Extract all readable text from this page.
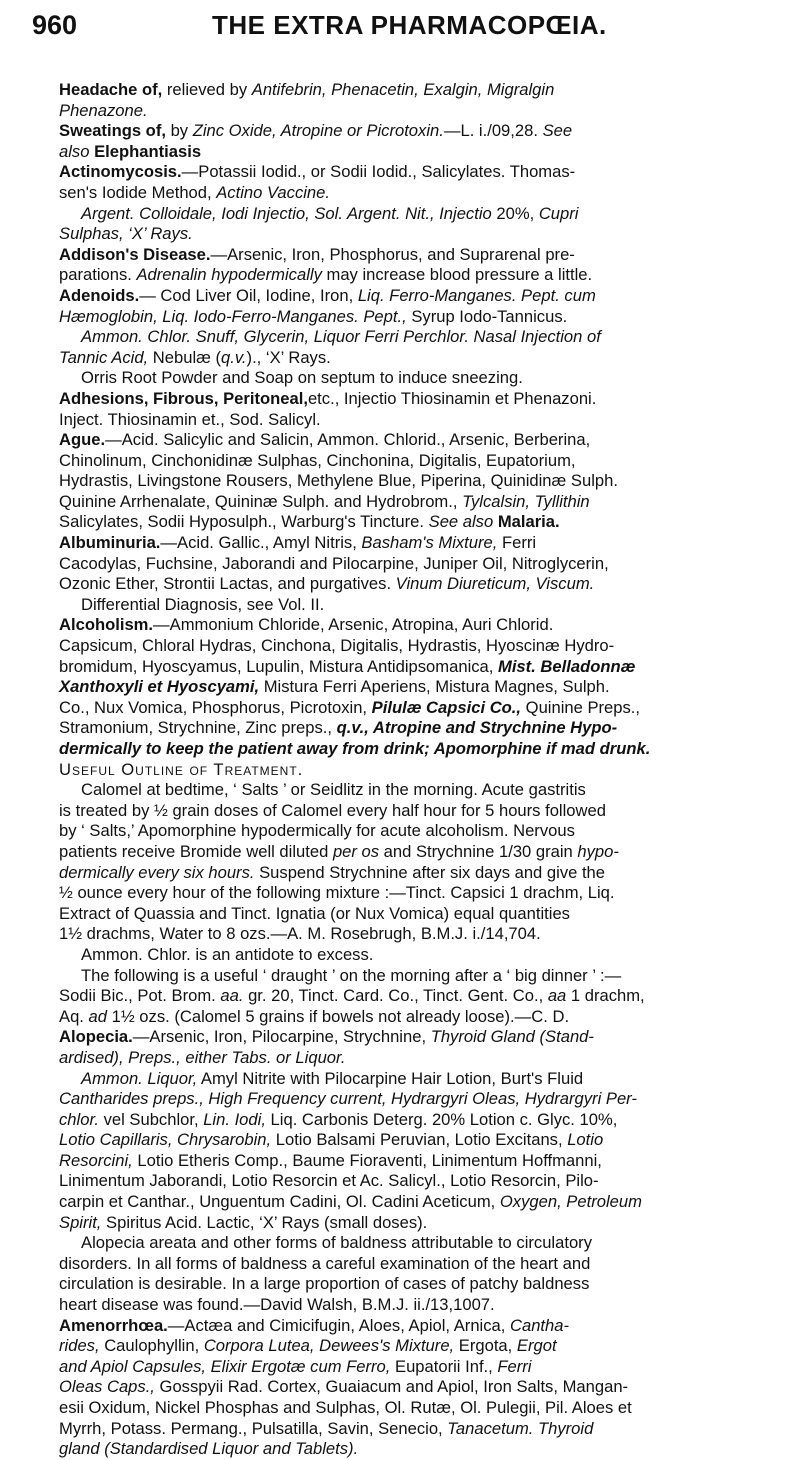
960	THE EXTRA PHARMACOPŒIA.

Headache of, relieved by Antifebrin, Phenacetin, Exalgin, Migralgin

Phenazone.

Sweatings of, by Zinc Oxide, Atropine or Picrotoxin.—L. i./09,28. See

also Elephantiasis

Actinomycosis.—Potassii Iodid., or Sodii Iodid., Salicylates. Thomas-

sen's Iodide Method, Actino Vaccine.

Argent. Colloidale, Iodi Injectio, Sol. Argent. Nit., Injectio 20%, Cupri

Sulphas, ‘X’ Rays.

Addison's Disease.—Arsenic, Iron, Phosphorus, and Suprarenal pre-

parations. Adrenalin hypodermically may increase blood pressure a little.

Adenoids.— Cod Liver Oil, Iodine, Iron, Liq. Ferro-Manganes. Pept. cum

Hæmoglobin, Liq. Iodo-Ferro-Manganes. Pept., Syrup Iodo-Tannicus.

Ammon. Chlor. Snuff, Glycerin, Liquor Ferri Perchlor. Nasal Injection of

Tannic Acid, Nebulæ (q.v.)., ‘X’ Rays.

Orris Root Powder and Soap on septum to induce sneezing.

Adhesions, Fibrous, Peritoneal,etc., Injectio Thiosinamin et Phenazoni.

Inject. Thiosinamin et., Sod. Salicyl.

Ague.—Acid. Salicylic and Salicin, Ammon. Chlorid., Arsenic, Berberina,

Chinolinum, Cinchonidinæ Sulphas, Cinchonina, Digitalis, Eupatorium,

Hydrastis, Livingstone Rousers, Methylene Blue, Piperina, Quinidinæ Sulph.

Quinine Arrhenalate, Quininæ Sulph. and Hydrobrom., Tylcalsin, Tyllithin

Salicylates, Sodii Hyposulph., Warburg's Tincture. See also Malaria.

Albuminuria.—Acid. Gallic., Amyl Nitris, Basham's Mixture, Ferri

Cacodylas, Fuchsine, Jaborandi and Pilocarpine, Juniper Oil, Nitroglycerin,

Ozonic Ether, Strontii Lactas, and purgatives. Vinum Diureticum, Viscum.

Differential Diagnosis, see Vol. II.

Alcoholism.—Ammonium Chloride, Arsenic, Atropina, Auri Chlorid.

Capsicum, Chloral Hydras, Cinchona, Digitalis, Hydrastis, Hyoscinæ Hydro-

bromidum, Hyoscyamus, Lupulin, Mistura Antidipsomanica, Mist. Belladonnæ

Xanthoxyli et Hyoscyami, Mistura Ferri Aperiens, Mistura Magnes, Sulph.

Co., Nux Vomica, Phosphorus, Picrotoxin, Pilulæ Capsici Co., Quinine Preps.,

Stramonium, Strychnine, Zinc preps., q.v., Atropine and Strychnine Hypo-

dermically to keep the patient away from drink; Apomorphine if mad drunk.

Useful Outline of Treatment.

Calomel at bedtime, ‘ Salts ’ or Seidlitz in the morning. Acute gastritis

is treated by ½ grain doses of Calomel every half hour for 5 hours followed

by ‘ Salts,’ Apomorphine hypodermically for acute alcoholism. Nervous

patients receive Bromide well diluted per os and Strychnine 1/30 grain hypo-

dermically every six hours. Suspend Strychnine after six days and give the

½ ounce every hour of the following mixture :—Tinct. Capsici 1 drachm, Liq.

Extract of Quassia and Tinct. Ignatia (or Nux Vomica) equal quantities

1½ drachms, Water to 8 ozs.—A. M. Rosebrugh, B.M.J. i./14,704.

Ammon. Chlor. is an antidote to excess.

The following is a useful ‘ draught ’ on the morning after a ‘ big dinner ’ :—

Sodii Bic., Pot. Brom. aa. gr. 20, Tinct. Card. Co., Tinct. Gent. Co., aa 1 drachm,

Aq. ad 1½ ozs. (Calomel 5 grains if bowels not already loose).—C. D.

Alopecia.—Arsenic, Iron, Pilocarpine, Strychnine, Thyroid Gland (Stand-

ardised), Preps., either Tabs. or Liquor.

Ammon. Liquor, Amyl Nitrite with Pilocarpine Hair Lotion, Burt's Fluid

Cantharides preps., High Frequency current, Hydrargyri Oleas, Hydrargyri Per-

chlor. vel Subchlor, Lin. Iodi, Liq. Carbonis Deterg. 20% Lotion c. Glyc. 10%,

Lotio Capillaris, Chrysarobin, Lotio Balsami Peruvian, Lotio Excitans, Lotio

Resorcini, Lotio Etheris Comp., Baume Fioraventi, Linimentum Hoffmanni,

Linimentum Jaborandi, Lotio Resorcin et Ac. Salicyl., Lotio Resorcin, Pilo-

carpin et Canthar., Unguentum Cadini, Ol. Cadini Aceticum, Oxygen, Petroleum

Spirit, Spiritus Acid. Lactic, ‘X’ Rays (small doses).

Alopecia areata and other forms of baldness attributable to circulatory

disorders. In all forms of baldness a careful examination of the heart and

circulation is desirable. In a large proportion of cases of patchy baldness

heart disease was found.—David Walsh, B.M.J. ii./13,1007.

Amenorrhœa.—Actæa and Cimicifugin, Aloes, Apiol, Arnica, Cantha-

rides, Caulophyllin, Corpora Lutea, Dewees's Mixture, Ergota, Ergot

and Apiol Capsules, Elixir Ergotæ cum Ferro, Eupatorii Inf., Ferri

Oleas Caps., Gosspyii Rad. Cortex, Guaiacum and Apiol, Iron Salts, Mangan-

esii Oxidum, Nickel Phosphas and Sulphas, Ol. Rutæ, Ol. Pulegii, Pil. Aloes et

Myrrh, Potass. Permang., Pulsatilla, Savin, Senecio, Tanacetum. Thyroid

gland (Standardised Liquor and Tablets).
